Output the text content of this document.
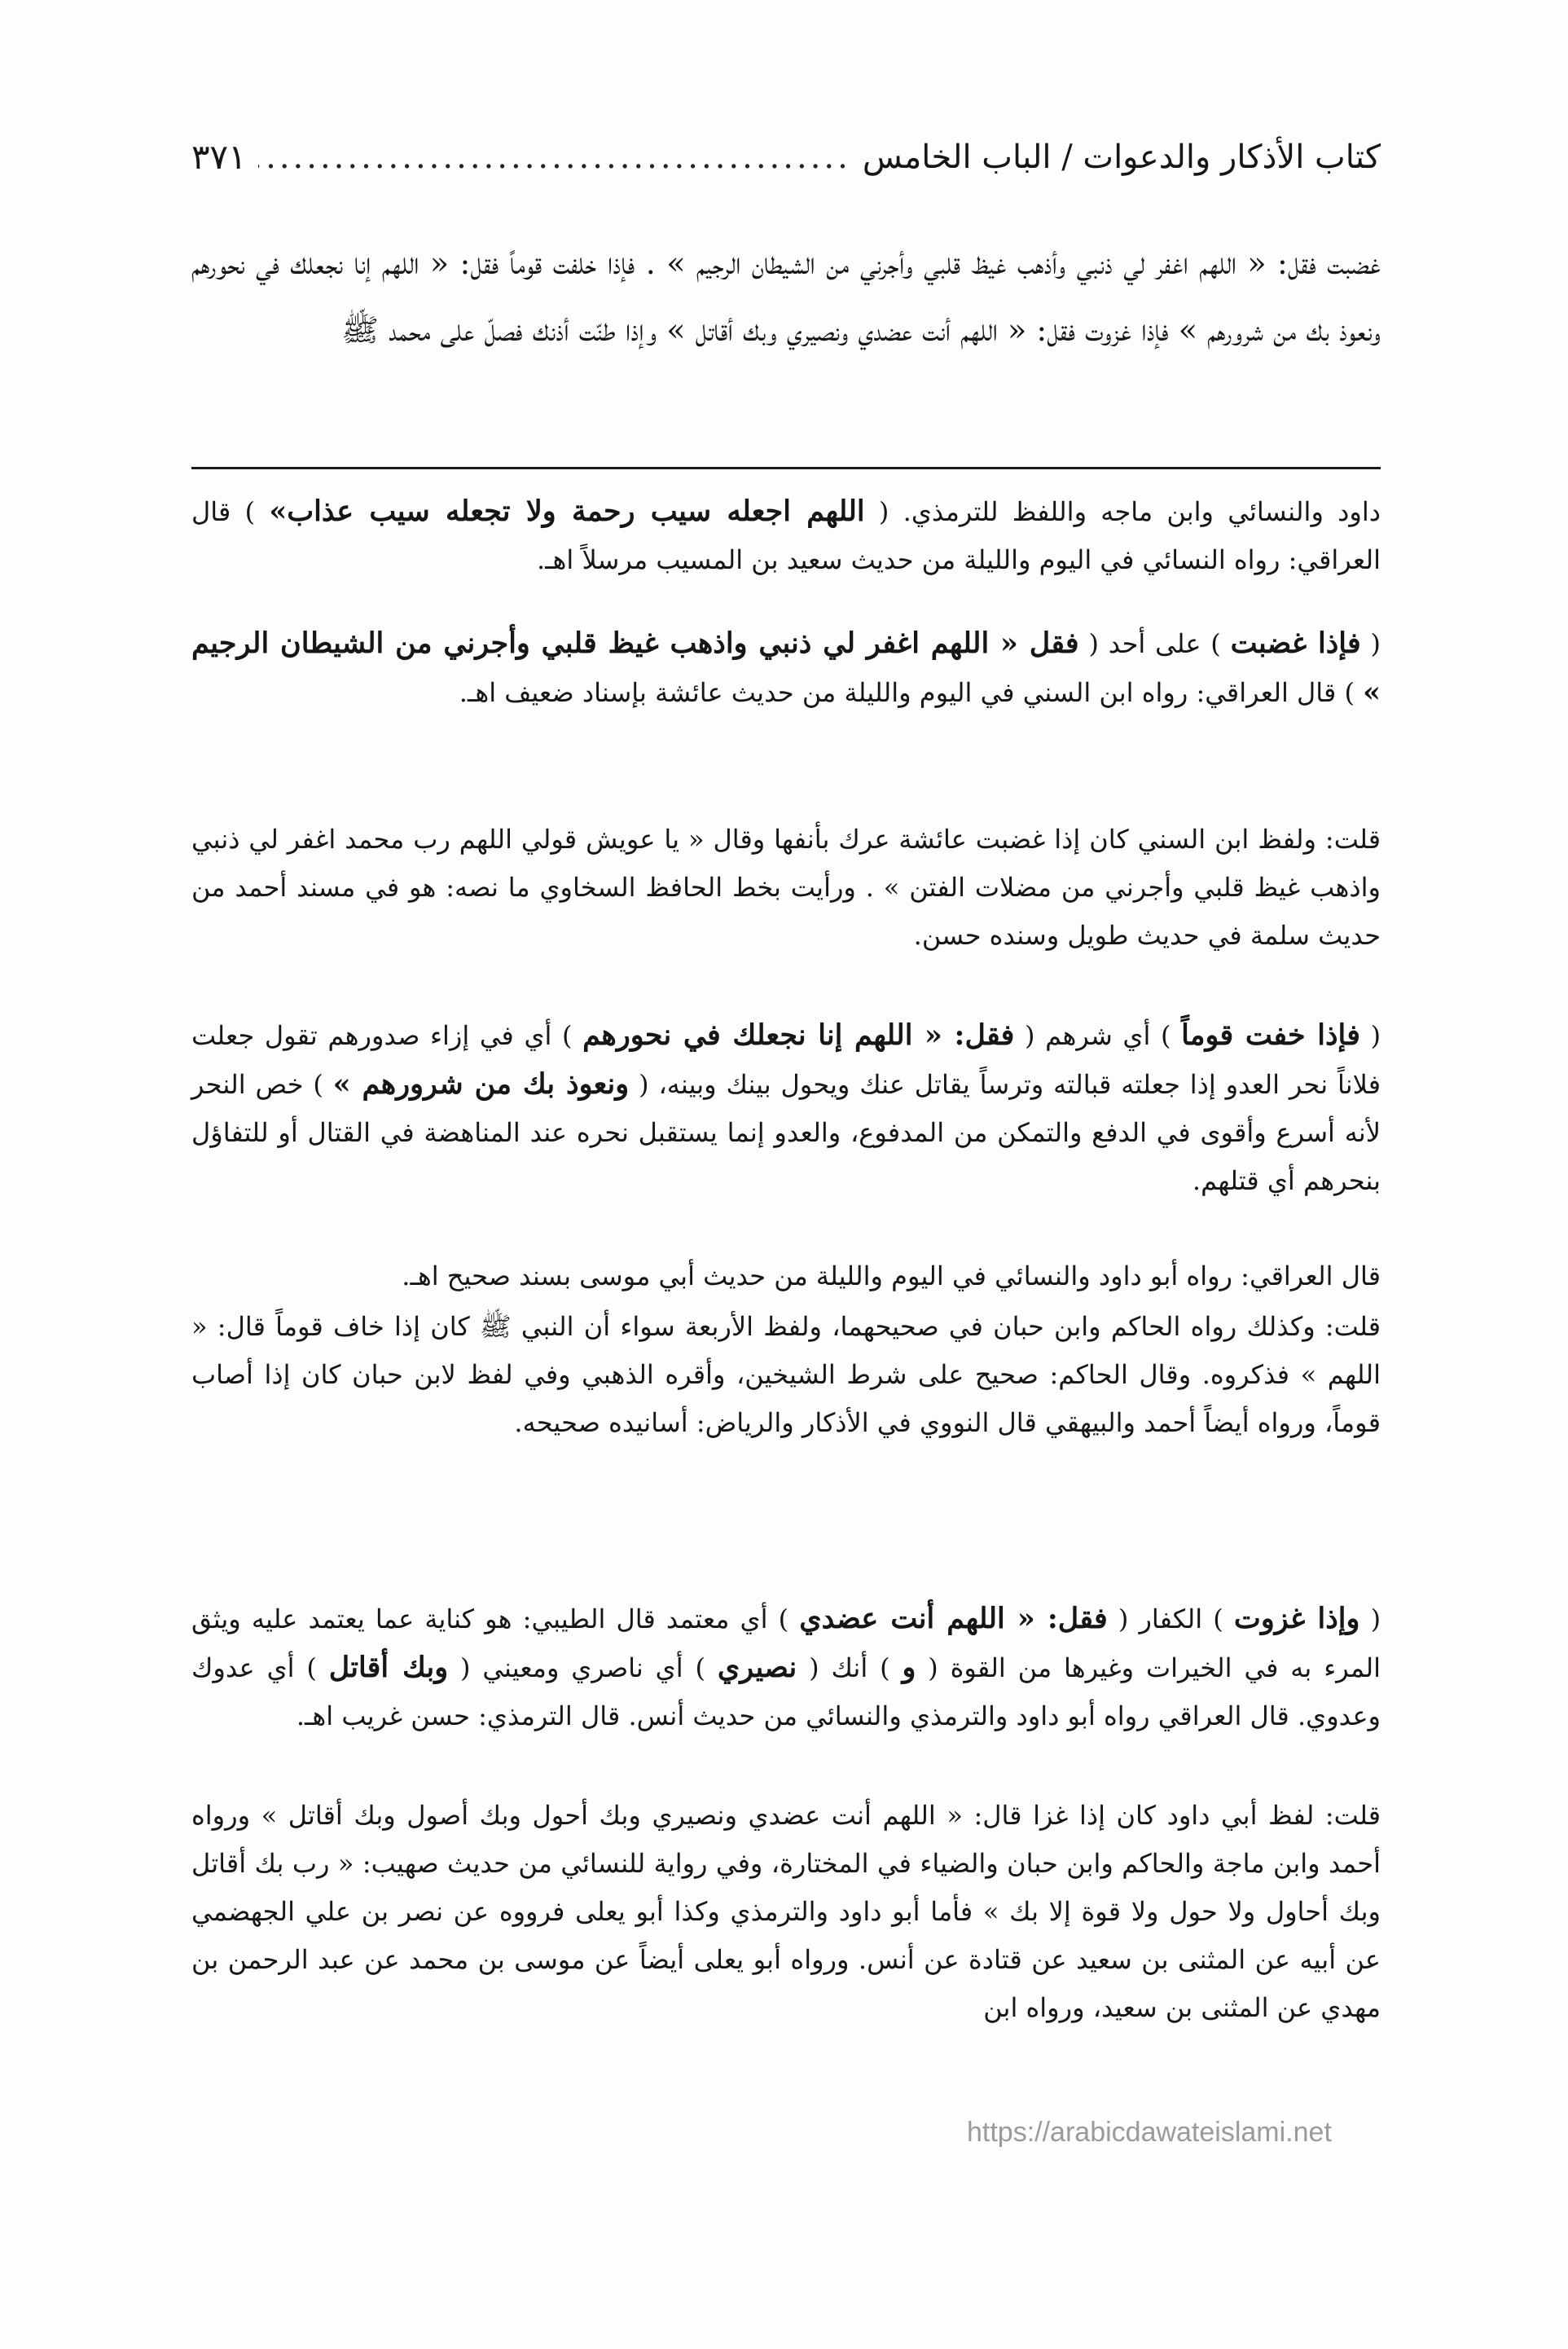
كتاب الأذكار والدعوات / الباب الخامس
.....
٣٧١

غضبت فقل: « اللهم اغفر لي ذنبي وأذهب غيظ قلبي وأجرني من الشيطان الرجيم » . فإذا خلفت قوماً فقل: « اللهم إنا نجعلك في نحورهم ونعوذ بك من شرورهم » فإذا غزوت فقل: « اللهم أنت عضدي ونصيري وبك أقاتل » وإذا طنّت أذنك فصلّ على محمد ﷺ

داود والنسائي وابن ماجه واللفظ للترمذي. ( اللهم اجعله سيب رحمة ولا تجعله سيب عذاب» ) قال العراقي: رواه النسائي في اليوم والليلة من حديث سعيد بن المسيب مرسلاً اهـ.

( فإذا غضبت ) على أحد ( فقل « اللهم اغفر لي ذنبي واذهب غيظ قلبي وأجرني من الشيطان الرجيم » ) قال العراقي: رواه ابن السني في اليوم والليلة من حديث عائشة بإسناد ضعيف اهـ.

قلت: ولفظ ابن السني كان إذا غضبت عائشة عرك بأنفها وقال « يا عويش قولي اللهم رب محمد اغفر لي ذنبي واذهب غيظ قلبي وأجرني من مضلات الفتن » . ورأيت بخط الحافظ السخاوي ما نصه: هو في مسند أحمد من حديث سلمة في حديث طويل وسنده حسن.

( فإذا خفت قوماً ) أي شرهم ( فقل: « اللهم إنا نجعلك في نحورهم ) أي في إزاء صدورهم تقول جعلت فلاناً نحر العدو إذا جعلته قبالته وترساً يقاتل عنك ويحول بينك وبينه، ( ونعوذ بك من شرورهم » ) خص النحر لأنه أسرع وأقوى في الدفع والتمكن من المدفوع، والعدو إنما يستقبل نحره عند المناهضة في القتال أو للتفاؤل بنحرهم أي قتلهم.

قال العراقي: رواه أبو داود والنسائي في اليوم والليلة من حديث أبي موسى بسند صحيح اهـ.

قلت: وكذلك رواه الحاكم وابن حبان في صحيحهما، ولفظ الأربعة سواء أن النبي ﷺ كان إذا خاف قوماً قال: « اللهم » فذكروه. وقال الحاكم: صحيح على شرط الشيخين، وأقره الذهبي وفي لفظ لابن حبان كان إذا أصاب قوماً، ورواه أيضاً أحمد والبيهقي قال النووي في الأذكار والرياض: أسانيده صحيحه.

( وإذا غزوت ) الكفار ( فقل: « اللهم أنت عضدي ) أي معتمد قال الطيبي: هو كناية عما يعتمد عليه ويثق المرء به في الخيرات وغيرها من القوة ( و ) أنك ( نصيري ) أي ناصري ومعيني ( وبك أقاتل ) أي عدوك وعدوي. قال العراقي رواه أبو داود والترمذي والنسائي من حديث أنس. قال الترمذي: حسن غريب اهـ.

قلت: لفظ أبي داود كان إذا غزا قال: « اللهم أنت عضدي ونصيري وبك أحول وبك أصول وبك أقاتل » ورواه أحمد وابن ماجة والحاكم وابن حبان والضياء في المختارة، وفي رواية للنسائي من حديث صهيب: « رب بك أقاتل وبك أحاول ولا حول ولا قوة إلا بك » فأما أبو داود والترمذي وكذا أبو يعلى فرووه عن نصر بن علي الجهضمي عن أبيه عن المثنى بن سعيد عن قتادة عن أنس. ورواه أبو يعلى أيضاً عن موسى بن محمد عن عبد الرحمن بن مهدي عن المثنى بن سعيد، ورواه ابن

https://arabicdawateislami.net
